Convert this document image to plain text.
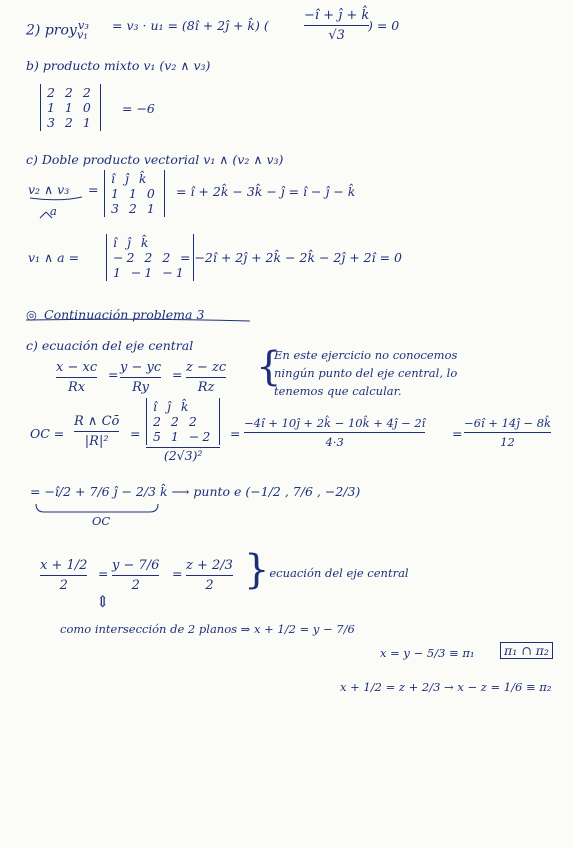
2) proy$_{v_1}^{v_3}$ = v₃ · u₁ = (8î + 2ĵ + k̂) (
−î + ĵ + k̂
√3
) = 0
b) producto mixto v₁ (v₂ ∧ v₃)
2 2 2
1 1 0
3 2 1
= −6
c) Doble producto vectorial v₁ ∧ (v₂ ∧ v₃)
v₂ ∧ v₃
a
=
î ĵ k̂
1 1 0
3 2 1
= î + 2k̂ − 3k̂ − ĵ = î − ĵ − k̂
v₁ ∧ a =
î ĵ k̂
−2 2 2
1 −1 −1
= −2î + 2ĵ + 2k̂ − 2k̂ − 2ĵ + 2î = 0
◎ Continuación problema 3
c) ecuación del eje central
x − xc
Rx
= y − yc
Ry
= z − zc
Rz {
En este ejercicio no conocemos
ningún punto del eje central, lo
tenemos que calcular.
OC =
R ∧ Cō
|R|²
=
î ĵ k̂
2 2 2
5 1 −2
(2√3)²
=
−4î + 10ĵ + 2k̂ − 10k̂ + 4ĵ − 2î
4·3
=
−6î + 14ĵ − 8k̂
12
= −î/2 + 7/6 ĵ − 2/3 k̂ ⟶ punto e (−1/2 , 7/6 , −2/3)
OC
x + 1/2
2
=
y − 7/6
2
=
z + 2/3
2 } ecuación del eje central
⇕
como intersección de 2 planos ⇒ x + 1/2 = y − 7/6
x = y − 5/3 ≡ π₁	π₁ ∩ π₂
x + 1/2 = z + 2/3 → x − z = 1/6 ≡ π₂
